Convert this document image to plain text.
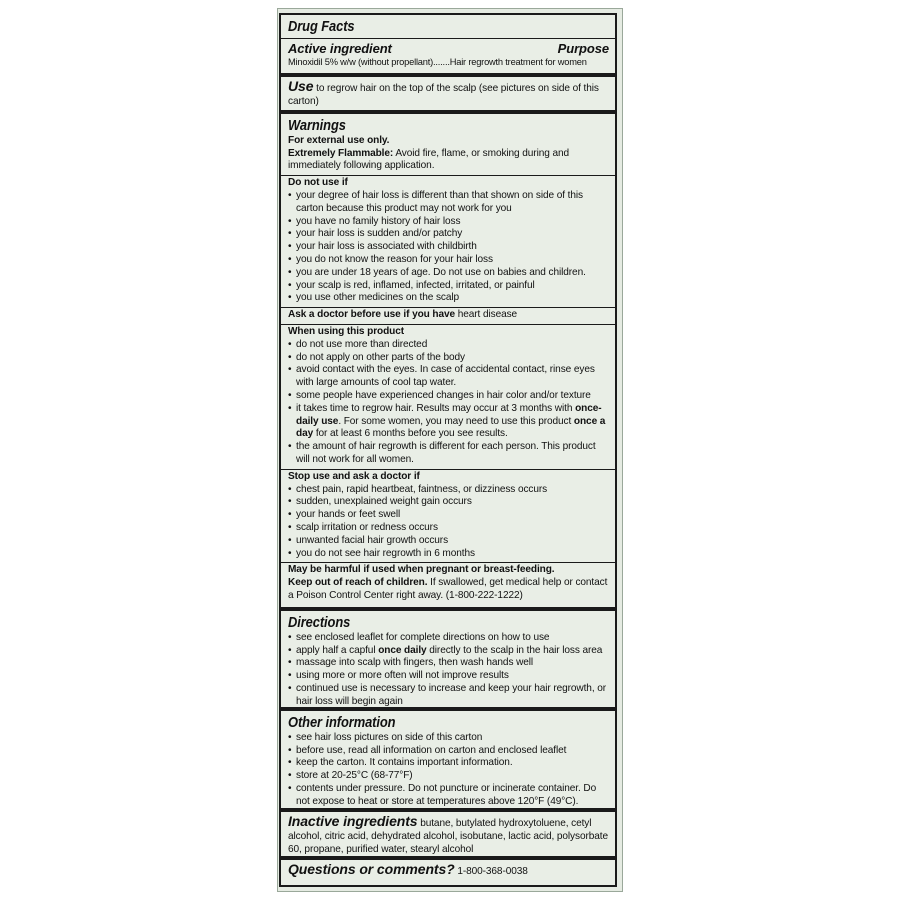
Drug Facts
Active ingredient	Purpose
Minoxidil 5% w/w (without propellant).......Hair regrowth treatment for women
Use to regrow hair on the top of the scalp (see pictures on side of this carton)
Warnings
For external use only.
Extremely Flammable: Avoid fire, flame, or smoking during and immediately following application.
Do not use if
• your degree of hair loss is different than that shown on side of this carton because this product may not work for you
• you have no family history of hair loss
• your hair loss is sudden and/or patchy
• your hair loss is associated with childbirth
• you do not know the reason for your hair loss
• you are under 18 years of age. Do not use on babies and children.
• your scalp is red, inflamed, infected, irritated, or painful
• you use other medicines on the scalp
Ask a doctor before use if you have heart disease
When using this product
• do not use more than directed
• do not apply on other parts of the body
• avoid contact with the eyes. In case of accidental contact, rinse eyes with large amounts of cool tap water.
• some people have experienced changes in hair color and/or texture
• it takes time to regrow hair. Results may occur at 3 months with once-daily use. For some women, you may need to use this product once a day for at least 6 months before you see results.
• the amount of hair regrowth is different for each person. This product will not work for all women.
Stop use and ask a doctor if
• chest pain, rapid heartbeat, faintness, or dizziness occurs
• sudden, unexplained weight gain occurs
• your hands or feet swell
• scalp irritation or redness occurs
• unwanted facial hair growth occurs
• you do not see hair regrowth in 6 months
May be harmful if used when pregnant or breast-feeding.
Keep out of reach of children. If swallowed, get medical help or contact a Poison Control Center right away. (1-800-222-1222)
Directions
• see enclosed leaflet for complete directions on how to use
• apply half a capful once daily directly to the scalp in the hair loss area
• massage into scalp with fingers, then wash hands well
• using more or more often will not improve results
• continued use is necessary to increase and keep your hair regrowth, or hair loss will begin again
Other information
• see hair loss pictures on side of this carton
• before use, read all information on carton and enclosed leaflet
• keep the carton. It contains important information.
• store at 20-25°C (68-77°F)
• contents under pressure. Do not puncture or incinerate container. Do not expose to heat or store at temperatures above 120°F (49°C).
Inactive ingredients butane, butylated hydroxytoluene, cetyl alcohol, citric acid, dehydrated alcohol, isobutane, lactic acid, polysorbate 60, propane, purified water, stearyl alcohol
Questions or comments? 1-800-368-0038
